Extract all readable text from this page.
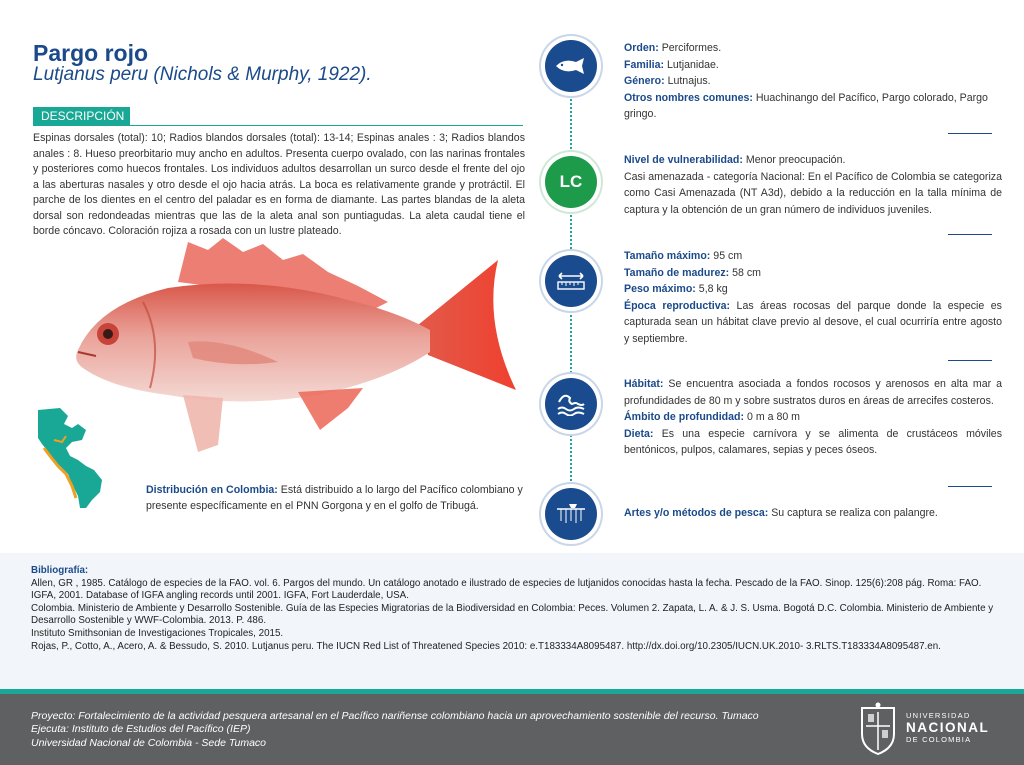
Pargo rojo
Lutjanus peru (Nichols & Murphy, 1922).
DESCRIPCIÓN
Espinas dorsales (total): 10; Radios blandos dorsales (total): 13-14; Espinas anales : 3; Radios blandos anales : 8. Hueso preorbitario muy ancho en adultos. Presenta cuerpo ovalado, con las narinas frontales y posteriores como huecos frontales. Los individuos adultos desarrollan un surco desde el frente del ojo a las aberturas nasales y otro desde el ojo hacia atrás. La boca es relativamente grande y protráctil. El parche de los dientes en el centro del paladar es en forma de diamante. Las partes blandas de la aleta dorsal son redondeadas mientras que las de la aleta anal son puntiagudas. La aleta caudal tiene el borde cóncavo. Coloración rojiza a rosada con un lustre plateado.
Distribución en Colombia: Está distribuido a lo largo del Pacífico colombiano y presente específicamente en el PNN Gorgona y en el golfo de Tribugá.
LC
Orden: Perciformes.
Familia: Lutjanidae.
Género: Lutnajus.
Otros nombres comunes: Huachinango del Pacífico, Pargo colorado, Pargo gringo.
Nivel de vulnerabilidad: Menor preocupación.
Casi amenazada - categoría Nacional: En el Pacífico de Colombia se categoriza como Casi Amenazada (NT A3d), debido a la reducción en la talla mínima de captura y la obtención de un gran número de individuos juveniles.
Tamaño máximo: 95 cm
Tamaño de madurez: 58 cm
Peso máximo: 5,8 kg
Época reproductiva: Las áreas rocosas del parque donde la especie es capturada sean un hábitat clave previo al desove, el cual ocurriría entre agosto y septiembre.
Hábitat: Se encuentra asociada a fondos rocosos y arenosos en alta mar a profundidades de 80 m y sobre sustratos duros en áreas de arrecifes costeros.
Ámbito de profundidad: 0 m a 80 m
Dieta: Es una especie carnívora y se alimenta de crustáceos móviles bentónicos, pulpos, calamares, sepias y peces óseos.
Artes y/o métodos de pesca: Su captura se realiza con palangre.
Bibliografía:
Allen, GR , 1985. Catálogo de especies de la FAO. vol. 6. Pargos del mundo. Un catálogo anotado e ilustrado de especies de lutjanidos conocidas hasta la fecha. Pescado de la FAO. Sinop. 125(6):208 pág. Roma: FAO.
IGFA, 2001. Database of IGFA angling records until 2001. IGFA, Fort Lauderdale, USA.
Colombia. Ministerio de Ambiente y Desarrollo Sostenible. Guía de las Especies Migratorias de la Biodiversidad en Colombia: Peces. Volumen 2. Zapata, L. A. & J. S. Usma. Bogotá D.C. Colombia. Ministerio de Ambiente y Desarrollo Sostenible y WWF-Colombia. 2013. P. 486.
Instituto Smithsonian de Investigaciones Tropicales, 2015.
Rojas, P., Cotto, A., Acero, A. & Bessudo, S. 2010. Lutjanus peru. The IUCN Red List of Threatened Species 2010: e.T183334A8095487. http://dx.doi.org/10.2305/IUCN.UK.2010- 3.RLTS.T183334A8095487.en.
Proyecto: Fortalecimiento de la actividad pesquera artesanal en el Pacífico nariñense colombiano hacia un aprovechamiento sostenible del recurso. Tumaco
Ejecuta: Instituto de Estudios del Pacífico (IEP)
Universidad Nacional de Colombia - Sede Tumaco
UNIVERSIDAD
NACIONAL
DE COLOMBIA
